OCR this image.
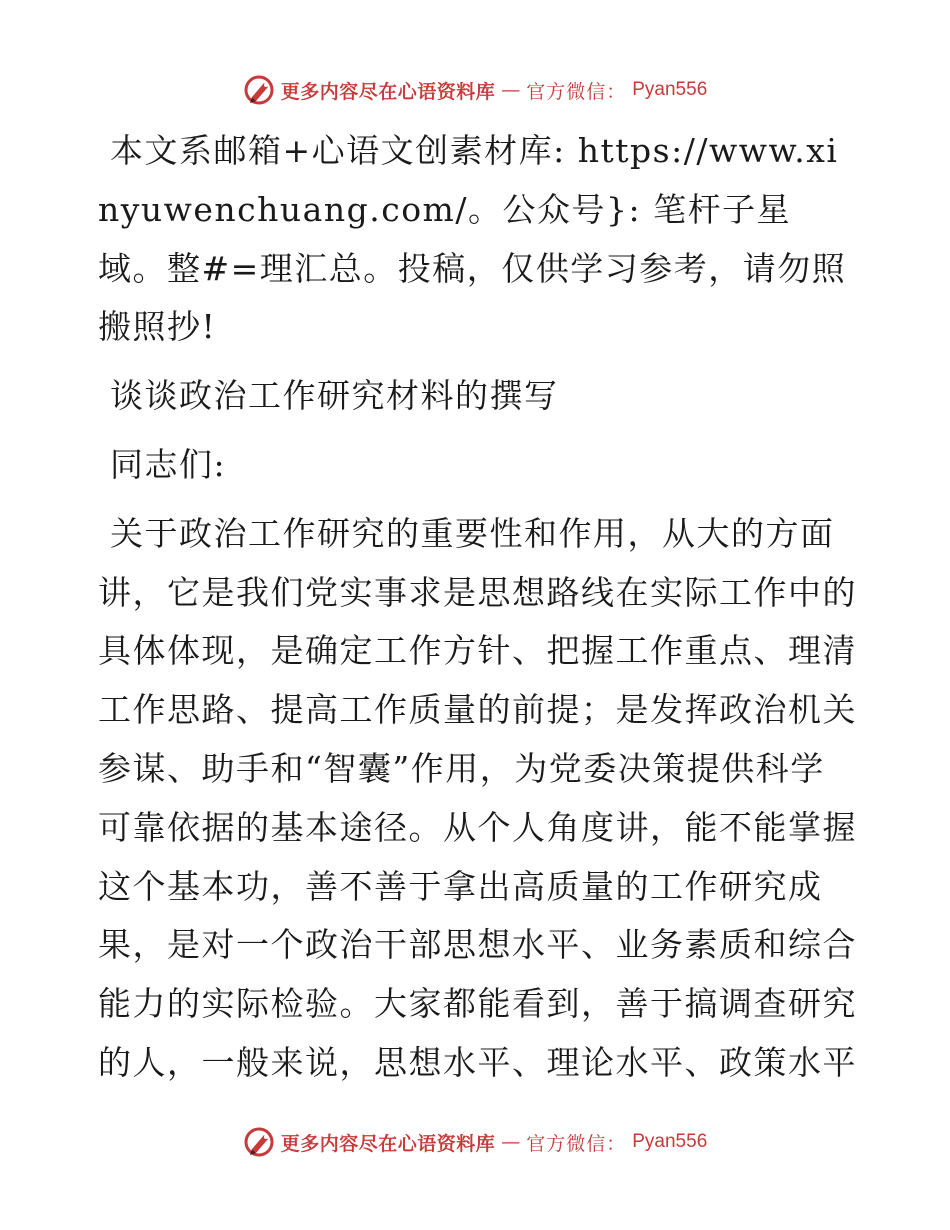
更多内容尽在心语资料库 — 官方微信： Pyan556

本文系邮箱+心语文创素材库: https://www.xinyuwenchuang.com/。公众号}: 笔杆子星域。整#=理汇总。投稿，仅供学习参考，请勿照搬照抄!

谈谈政治工作研究材料的撰写

同志们:

关于政治工作研究的重要性和作用，从大的方面讲，它是我们党实事求是思想路线在实际工作中的具体体现，是确定工作方针、把握工作重点、理清工作思路、提高工作质量的前提；是发挥政治机关参谋、助手和“智囊”作用，为党委决策提供科学可靠依据的基本途径。从个人角度讲，能不能掌握这个基本功，善不善于拿出高质量的工作研究成果，是对一个政治干部思想水平、业务素质和综合能力的实际检验。大家都能看到，善于搞调查研究的人，一般来说，思想水平、理论水平、政策水平

更多内容尽在心语资料库 — 官方微信： Pyan556
